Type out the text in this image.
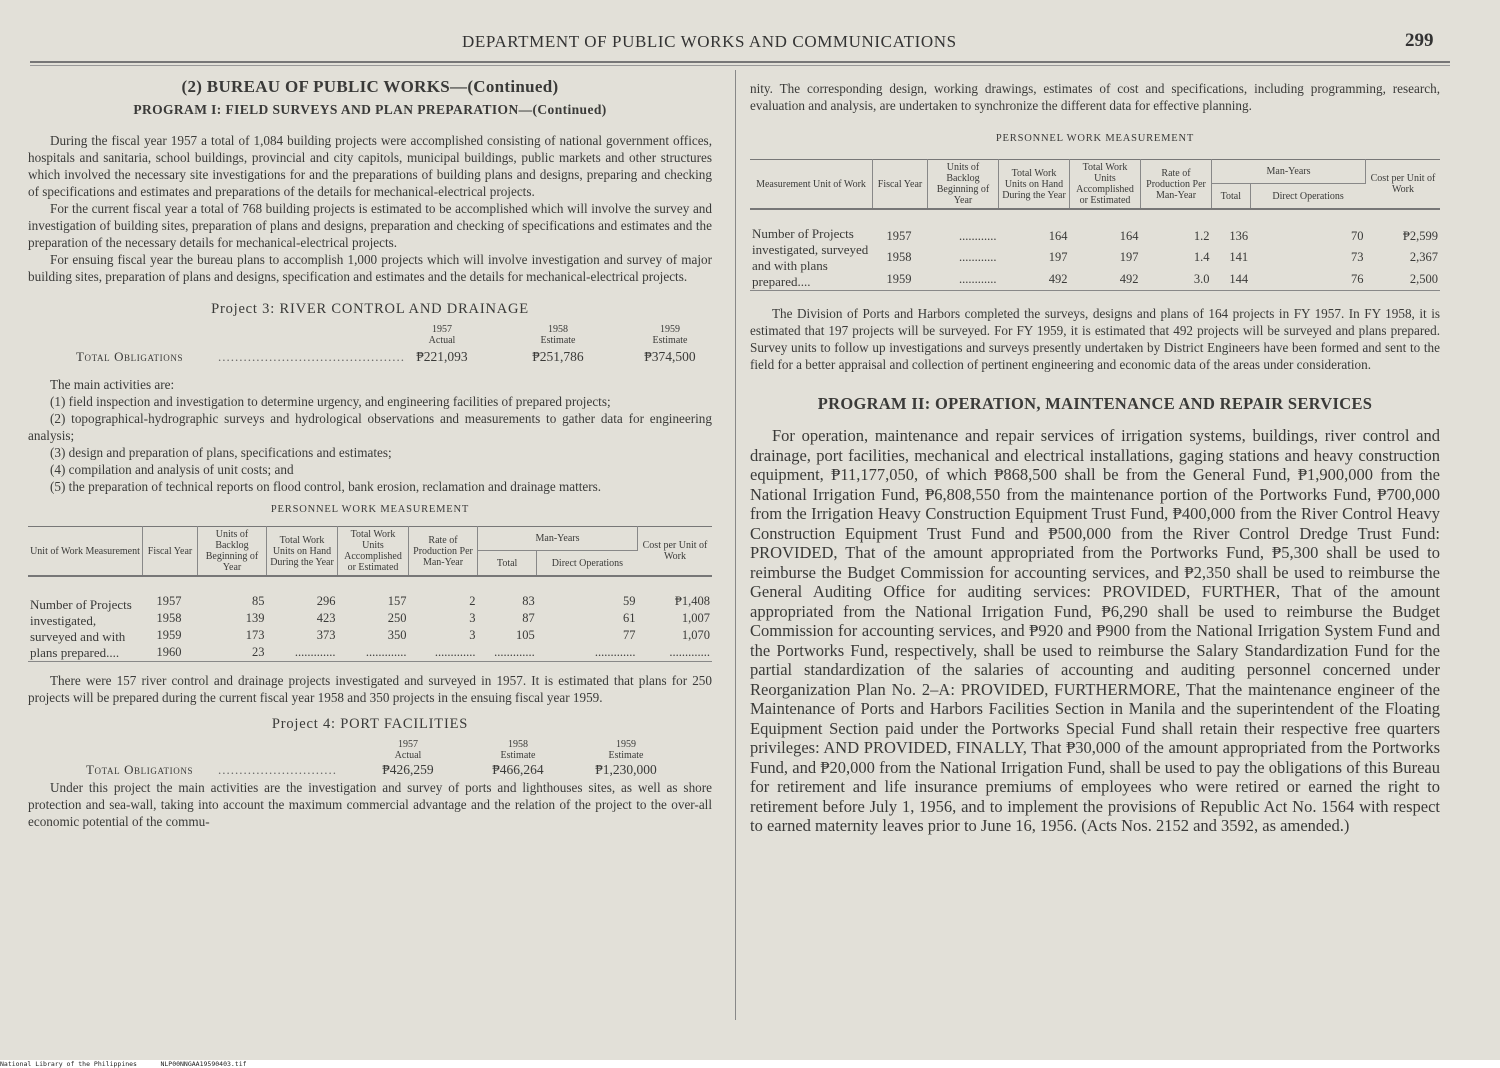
DEPARTMENT OF PUBLIC WORKS AND COMMUNICATIONS	299
(2) BUREAU OF PUBLIC WORKS—(Continued)
PROGRAM I: FIELD SURVEYS AND PLAN PREPARATION—(Continued)

During the fiscal year 1957 a total of 1,084 building projects were accomplished consisting of national government offices, hospitals and sanitaria, school buildings, provincial and city capitols, municipal buildings, public markets and other structures which involved the necessary site investigations for and the preparations of building plans and designs, preparing and checking of specifications and estimates and preparations of the details for mechanical-electrical projects.

For the current fiscal year a total of 768 building projects is estimated to be accomplished which will involve the survey and investigation of building sites, preparation of plans and designs, preparation and checking of specifications and estimates and the preparation of the necessary details for mechanical-electrical projects.

For ensuing fiscal year the bureau plans to accomplish 1,000 projects which will involve investigation and survey of major building sites, preparation of plans and designs, specification and estimates and the details for mechanical-electrical projects.

Project 3: RIVER CONTROL AND DRAINAGE
1957
Actual
1958
Estimate
1959
Estimate
Total Obligations	............................................ ₱221,093	₱251,786	₱374,500

The main activities are:

(1) field inspection and investigation to determine urgency, and engineering facilities of prepared projects;

(2) topographical-hydrographic surveys and hydrological observations and measurements to gather data for engineering analysis;

(3) design and preparation of plans, specifications and estimates;

(4) compilation and analysis of unit costs; and

(5) the preparation of technical reports on flood control, bank erosion, reclamation and drainage matters.

PERSONNEL WORK MEASUREMENT
Unit of Work Measurement	Fiscal Year	Units of Backlog Beginning of Year	Total Work Units on Hand During the Year	Total Work Units Accomplished or Estimated	Rate of Production Per Man-Year	Man-Years		Cost per Unit of Work
						Total	Direct Operations	

Number of Projects investigated, surveyed and with plans prepared....	1957	85	296	157	2	83	59	₱1,408
	1958	139	423	250	3	87	61	1,007
	1959	173	373	350	3	105	77	1,070
	1960	23	.............	.............	.............	.............	.............	.............

There were 157 river control and drainage projects investigated and surveyed in 1957. It is estimated that plans for 250 projects will be prepared during the current fiscal year 1958 and 350 projects in the ensuing fiscal year 1959.

Project 4: PORT FACILITIES
1957
Actual
1958
Estimate
1959
Estimate
Total Obligations ............................	₱426,259	₱466,264	₱1,230,000

Under this project the main activities are the investigation and survey of ports and lighthouses sites, as well as shore protection and sea-wall, taking into account the maximum commercial advantage and the relation of the project to the over-all economic potential of the commu-

nity. The corresponding design, working drawings, estimates of cost and specifications, including programming, research, evaluation and analysis, are undertaken to synchronize the different data for effective planning.

PERSONNEL WORK MEASUREMENT
Measurement Unit of Work	Fiscal Year	Units of Backlog Beginning of Year	Total Work Units on Hand During the Year	Total Work Units Accomplished or Estimated	Rate of Production Per Man-Year	Man-Years		Cost per Unit of Work
						Total	Direct Operations	

Number of Projects investigated, surveyed and with plans prepared....	1957	............	164	164	1.2	136	70	₱2,599
	1958	............	197	197	1.4	141	73	2,367
	1959	............	492	492	3.0	144	76	2,500

The Division of Ports and Harbors completed the surveys, designs and plans of 164 projects in FY 1957. In FY 1958, it is estimated that 197 projects will be surveyed. For FY 1959, it is estimated that 492 projects will be surveyed and plans prepared. Survey units to follow up investigations and surveys presently undertaken by District Engineers have been formed and sent to the field for a better appraisal and collection of pertinent engineering and economic data of the areas under consideration.

PROGRAM II: OPERATION, MAINTENANCE AND REPAIR SERVICES

For operation, maintenance and repair services of irrigation systems, buildings, river control and drainage, port facilities, mechanical and electrical installations, gaging stations and heavy construction equipment, ₱11,177,050, of which ₱868,500 shall be from the General Fund, ₱1,900,000 from the National Irrigation Fund, ₱6,808,550 from the maintenance portion of the Portworks Fund, ₱700,000 from the Irrigation Heavy Construction Equipment Trust Fund, ₱400,000 from the River Control Heavy Construction Equipment Trust Fund and ₱500,000 from the River Control Dredge Trust Fund: PROVIDED, That of the amount appropriated from the Portworks Fund, ₱5,300 shall be used to reimburse the Budget Commission for accounting services, and ₱2,350 shall be used to reimburse the General Auditing Office for auditing services: PROVIDED, FURTHER, That of the amount appropriated from the National Irrigation Fund, ₱6,290 shall be used to reimburse the Budget Commission for accounting services, and ₱920 and ₱900 from the National Irrigation System Fund and the Portworks Fund, respectively, shall be used to reimburse the Salary Standardization Fund for the partial standardization of the salaries of accounting and auditing personnel concerned under Reorganization Plan No. 2–A: PROVIDED, FURTHERMORE, That the maintenance engineer of the Maintenance of Ports and Harbors Facilities Section in Manila and the superintendent of the Floating Equipment Section paid under the Portworks Special Fund shall retain their respective free quarters privileges: AND PROVIDED, FINALLY, That ₱30,000 of the amount appropriated from the Portworks Fund, and ₱20,000 from the National Irrigation Fund, shall be used to pay the obligations of this Bureau for retirement and life insurance premiums of employees who were retired or earned the right to retirement before July 1, 1956, and to implement the provisions of Republic Act No. 1564 with respect to earned maternity leaves prior to June 16, 1956. (Acts Nos. 2152 and 3592, as amended.)

National Library of the Philippines	NLP00NNGAA19590403.tif
